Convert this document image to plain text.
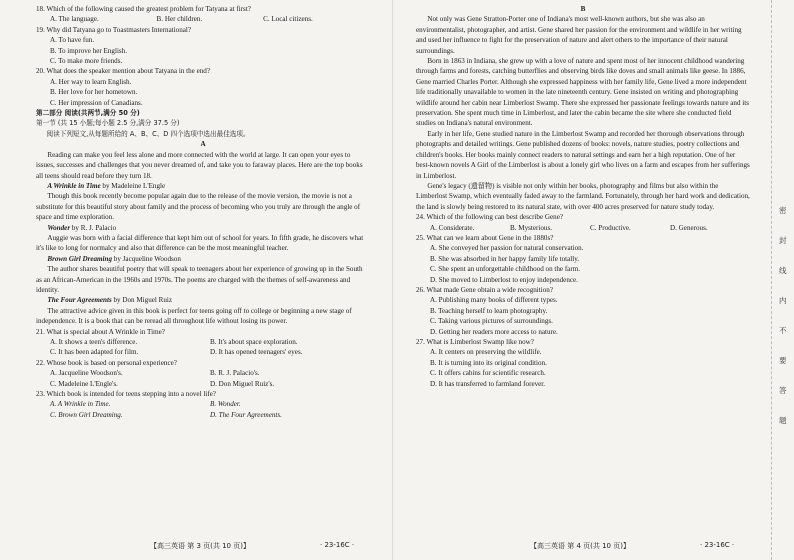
18. Which of the following caused the greatest problem for Tatyana at first?

A. The language.	B. Her children.	C. Local citizens.

19. Why did Tatyana go to Toastmasters International?

A. To have fun.
B. To improve her English.
C. To make more friends.

20. What does the speaker mention about Tatyana in the end?

A. Her way to learn English.
B. Her love for her hometown.
C. Her impression of Canadians.

第二部分 阅读(共两节,满分 50 分)

第一节 (共 15 小题;每小题 2.5 分,满分 37.5 分)

阅读下列短文,从每题所给的 A、B、C、D 四个选项中选出最佳选项。

A

Reading can make you feel less alone and more connected with the world at large. It can open your eyes to issues, successes and challenges that you never dreamed of, and take you to faraway places. Here are the top books all teens should read before they turn 18.

A Wrinkle in Time by Madeleine L'Engle

Though this book recently become popular again due to the release of the movie version, the movie is not a substitute for this beautiful story about family and the process of becoming who you truly are through the angle of space and time exploration.

Wonder by R. J. Palacio

Auggie was born with a facial difference that kept him out of school for years. In fifth grade, he discovers what it's like to long for normalcy and also that difference can be the most meaningful teacher.

Brown Girl Dreaming by Jacqueline Woodson

The author shares beautiful poetry that will speak to teenagers about her experience of growing up in the South as an African-American in the 1960s and 1970s. The poems are charged with the themes of self-awareness and identity.

The Four Agreements by Don Miguel Ruiz

The attractive advice given in this book is perfect for teens going off to college or beginning a new stage of independence. It is a book that can be reread all throughout life without losing its power.

21. What is special about A Wrinkle in Time?

A. It shows a teen's difference.	B. It's about space exploration.
C. It has been adapted for film.	D. It has opened teenagers' eyes.

22. Whose book is based on personal experience?

A. Jacqueline Woodson's.	B. R. J. Palacio's.
C. Madeleine L'Engle's.	D. Don Miguel Ruiz's.

23. Which book is intended for teens stepping into a novel life?

A. A Wrinkle in Time.	B. Wonder.
C. Brown Girl Dreaming.	D. The Four Agreements.
【高三英语 第 3 页(共 10 页)】	· 23-16C ·

B

Not only was Gene Stratton-Porter one of Indiana's most well-known authors, but she was also an environmentalist, photographer, and artist. Gene shared her passion for the environment and wildlife in her writing and used her influence to fight for the preservation of nature and alert others to the importance of their natural surroundings.

Born in 1863 in Indiana, she grew up with a love of nature and spent most of her innocent childhood wandering through farms and forests, catching butterflies and observing birds like doves and small animals like geese. In 1886, Gene married Charles Porter. Although she expressed happiness with her family life, Gene lived a more independent life traditionally unavailable to women in the late nineteenth century. Gene insisted on writing and photographing wildlife around her cabin near Limberlost Swamp. There she expressed her passionate feelings towards nature and its preservation. She spent much time in Limberlost, and later the cabin became the site where she conducted field studies on Indiana's natural environment.

Early in her life, Gene studied nature in the Limberlost Swamp and recorded her thorough observations through photographs and detailed writings. Gene published dozens of books: novels, nature studies, poetry collections and children's books. Her books mainly connect readers to natural settings and earn her a high reputation. One of her best-known novels A Girl of the Limberlost is about a lonely girl who lives on a farm and escapes from her sufferings in Limberlost.

Gene's legacy (遗留物) is visible not only within her books, photography and films but also within the Limberlost Swamp, which eventually faded away to the farmland. Fortunately, through her hard work and dedication, the land is slowly being restored to its natural state, with over 400 acres preserved for nature study today.

24. Which of the following can best describe Gene?

A. Considerate.	B. Mysterious.	C. Productive.	D. Generous.

25. What can we learn about Gene in the 1880s?

A. She conveyed her passion for natural conservation.
B. She was absorbed in her happy family life totally.
C. She spent an unforgettable childhood on the farm.
D. She moved to Limberlost to enjoy independence.

26. What made Gene obtain a wide recognition?

A. Publishing many books of different types.
B. Teaching herself to learn photography.
C. Taking various pictures of surroundings.
D. Getting her readers more access to nature.

27. What is Limberlost Swamp like now?

A. It centers on preserving the wildlife.
B. It is turning into its original condition.
C. It offers cabins for scientific research.
D. It has transferred to farmland forever.
【高三英语 第 4 页(共 10 页)】	· 23-16C ·
密
封
线
内
不
要
答
题
